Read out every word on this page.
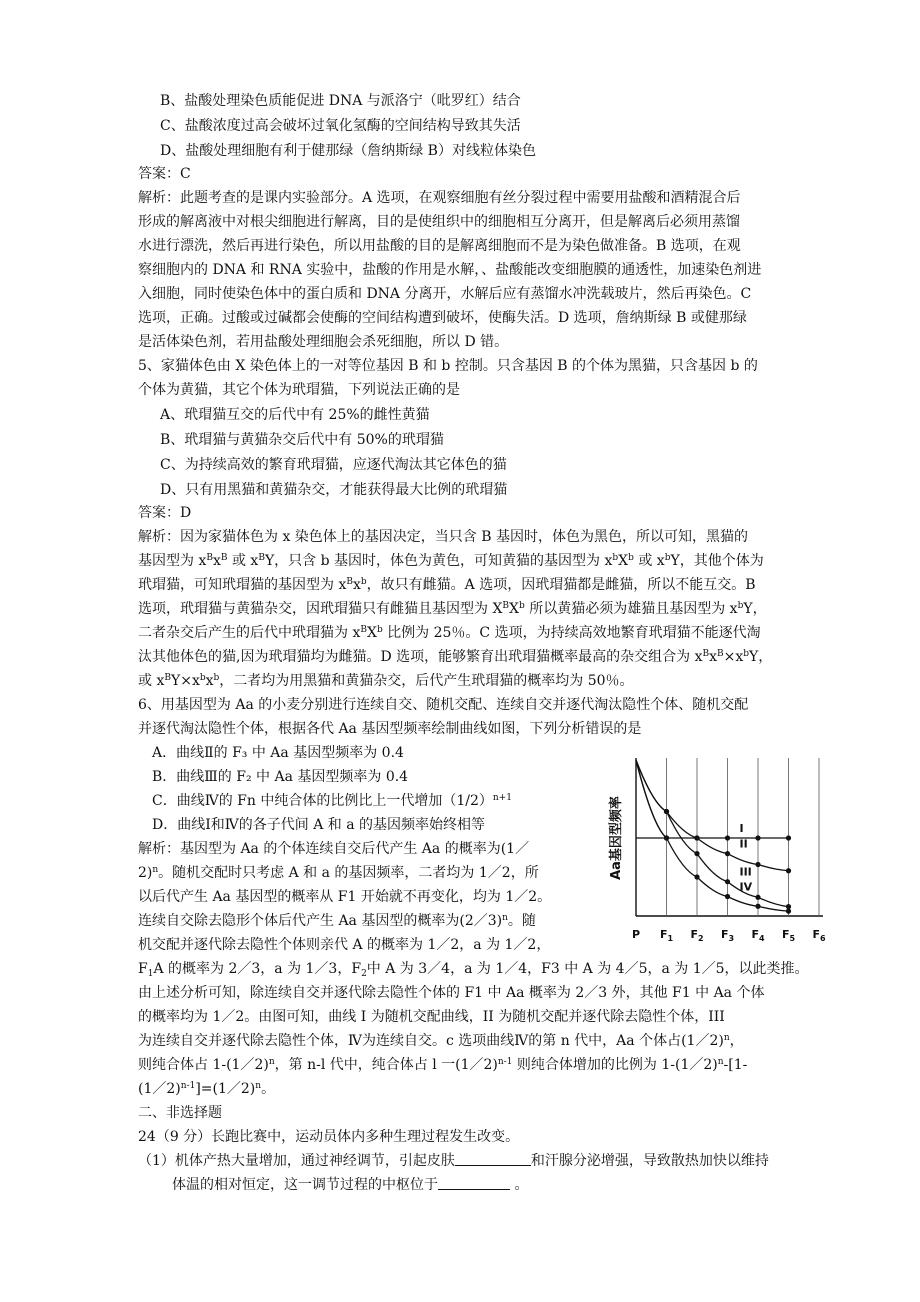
B、盐酸处理染色质能促进 DNA 与派洛宁（吡罗红）结合
C、盐酸浓度过高会破坏过氧化氢酶的空间结构导致其失活
D、盐酸处理细胞有利于健那绿（詹纳斯绿 B）对线粒体染色
答案：C
解析：此题考查的是课内实验部分。A 选项，在观察细胞有丝分裂过程中需要用盐酸和酒精混合后
形成的解离液中对根尖细胞进行解离，目的是使组织中的细胞相互分离开，但是解离后必须用蒸馏
水进行漂洗，然后再进行染色，所以用盐酸的目的是解离细胞而不是为染色做准备。B 选项，在观
察细胞内的 DNA 和 RNA 实验中，盐酸的作用是水解，、盐酸能改变细胞膜的通透性，加速染色剂进
入细胞，同时使染色体中的蛋白质和 DNA 分离开，水解后应有蒸馏水冲洗载玻片，然后再染色。C
选项，正确。过酸或过碱都会使酶的空间结构遭到破坏，使酶失活。D 选项，詹纳斯绿 B 或健那绿
是活体染色剂，若用盐酸处理细胞会杀死细胞，所以 D 错。
5、家猫体色由 X 染色体上的一对等位基因 B 和 b 控制。只含基因 B 的个体为黑猫，只含基因 b 的
个体为黄猫，其它个体为玳瑁猫，下列说法正确的是
A、玳瑁猫互交的后代中有 25%的雌性黄猫
B、玳瑁猫与黄猫杂交后代中有 50%的玳瑁猫
C、为持续高效的繁育玳瑁猫，应逐代淘汰其它体色的猫
D、只有用黑猫和黄猫杂交，才能获得最大比例的玳瑁猫
答案：D
解析：因为家猫体色为 x 染色体上的基因决定，当只含 B 基因时，体色为黑色，所以可知，黑猫的
基因型为 $x^Bx^B$ 或 $x^BY$，只含 b 基因时，体色为黄色，可知黄猫的基因型为 $x^bX^b$ 或 $x^bY$，其他个体为
玳瑁猫，可知玳瑁猫的基因型为 $x^Bx^b$，故只有雌猫。A 选项，因玳瑁猫都是雌猫，所以不能互交。B
选项，玳瑁猫与黄猫杂交，因玳瑁猫只有雌猫且基因型为 $X^BX^b$ 所以黄猫必须为雄猫且基因型为 $x^bY$，
二者杂交后产生的后代中玳瑁猫为 $x^BX^b$ 比例为 25％。C 选项，为持续高效地繁育玳瑁猫不能逐代淘
汰其他体色的猫,因为玳瑁猫均为雌猫。D 选项，能够繁育出玳瑁猫概率最高的杂交组合为 $x^Bx^B\times x^bY$，
或 $x^BY\times x^bx^b$，二者均为用黑猫和黄猫杂交，后代产生玳瑁猫的概率均为 50％。
6、用基因型为 Aa 的小麦分别进行连续自交、随机交配、连续自交并逐代淘汰隐性个体、随机交配
并逐代淘汰隐性个体，根据各代 Aa 基因型频率绘制曲线如图，下列分析错误的是
A．曲线Ⅱ的 F₃ 中 Aa 基因型频率为 0.4
B．曲线Ⅲ的 F₂ 中 Aa 基因型频率为 0.4
C．曲线Ⅳ的 Fn 中纯合体的比例比上一代增加$(1/2)^{n+1}$
D．曲线Ⅰ和Ⅳ的各子代间 A 和 a 的基因频率始终相等
解析：基因型为 Aa 的个体连续自交后代产生 Aa 的概率为(1／
2)$^n$。随机交配时只考虑 A 和 a 的基因频率，二者均为 1／2，所
以后代产生 Aa 基因型的概率从 F1 开始就不再变化，均为 1／2。
连续自交除去隐形个体后代产生 Aa 基因型的概率为(2／3)$^n$。随
机交配并逐代除去隐性个体则亲代 A 的概率为 1／2，a 为 1／2，
$F_1A$ 的概率为 2／3，a 为 1／3，$F_2$中 A 为 3／4，a 为 1／4，F3 中 A 为 4／5，a 为 1／5，以此类推。
由上述分析可知，除连续自交并逐代除去隐性个体的 F1 中 Aa 概率为 2／3 外，其他 F1 中 Aa 个体
的概率均为 1／2。由图可知，曲线 I 为随机交配曲线，II 为随机交配并逐代除去隐性个体，III
为连续自交并逐代除去隐性个体，Ⅳ为连续自交。c 选项曲线Ⅳ的第 n 代中，Aa 个体占(1／2)$^n$，
则纯合体占 1-(1／2)$^n$，第 n-l 代中，纯合体占 l 一(1／2)$^{n-1}$ 则纯合体增加的比例为 1-(1／2)$^n$-[1-
(1／2)$^{n-1}$]=(1／2)$^n$。
二、非选择题
24（9 分）长跑比赛中，运动员体内多种生理过程发生改变。
（1）机体产热大量增加，通过神经调节，引起皮肤	和汗腺分泌增强，导致散热加快以维持
体温的相对恒定，这一调节过程的中枢位于	。
P $F_1$ $F_2$ $F_3$ $F_4$ $F_5$ $F_6$
Aa基因型频率	I
II
III
IV
